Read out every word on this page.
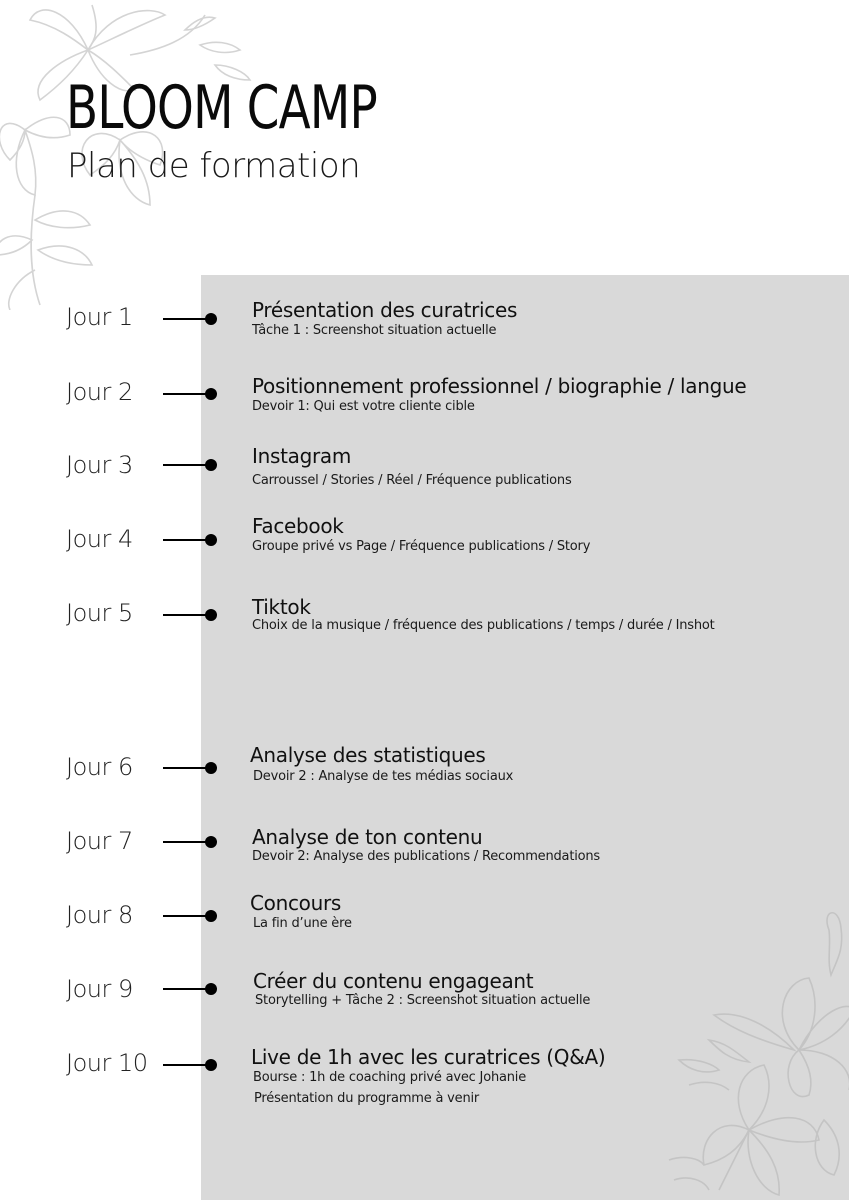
BLOOM CAMP
Plan de formation
Jour 1	Présentation des curatrices
Tâche 1 : Screenshot situation actuelle
Jour 2	Positionnement professionnel / biographie / langue
Devoir 1: Qui est votre cliente cible
Jour 3	Instagram
Carroussel / Stories / Réel / Fréquence publications
Jour 4	Facebook
Groupe privé vs Page / Fréquence publications / Story
Jour 5	Tiktok
Choix de la musique / fréquence des publications / temps / durée / Inshot
Jour 6	Analyse des statistiques
Devoir 2 : Analyse de tes médias sociaux
Jour 7	Analyse de ton contenu
Devoir 2: Analyse des publications / Recommendations
Jour 8	Concours
La fin d’une ère
Jour 9	Créer du contenu engageant
Storytelling + Tâche 2 : Screenshot situation actuelle
Jour 10	Live de 1h avec les curatrices (Q&A)
Bourse : 1h de coaching privé avec Johanie
Présentation du programme à venir
